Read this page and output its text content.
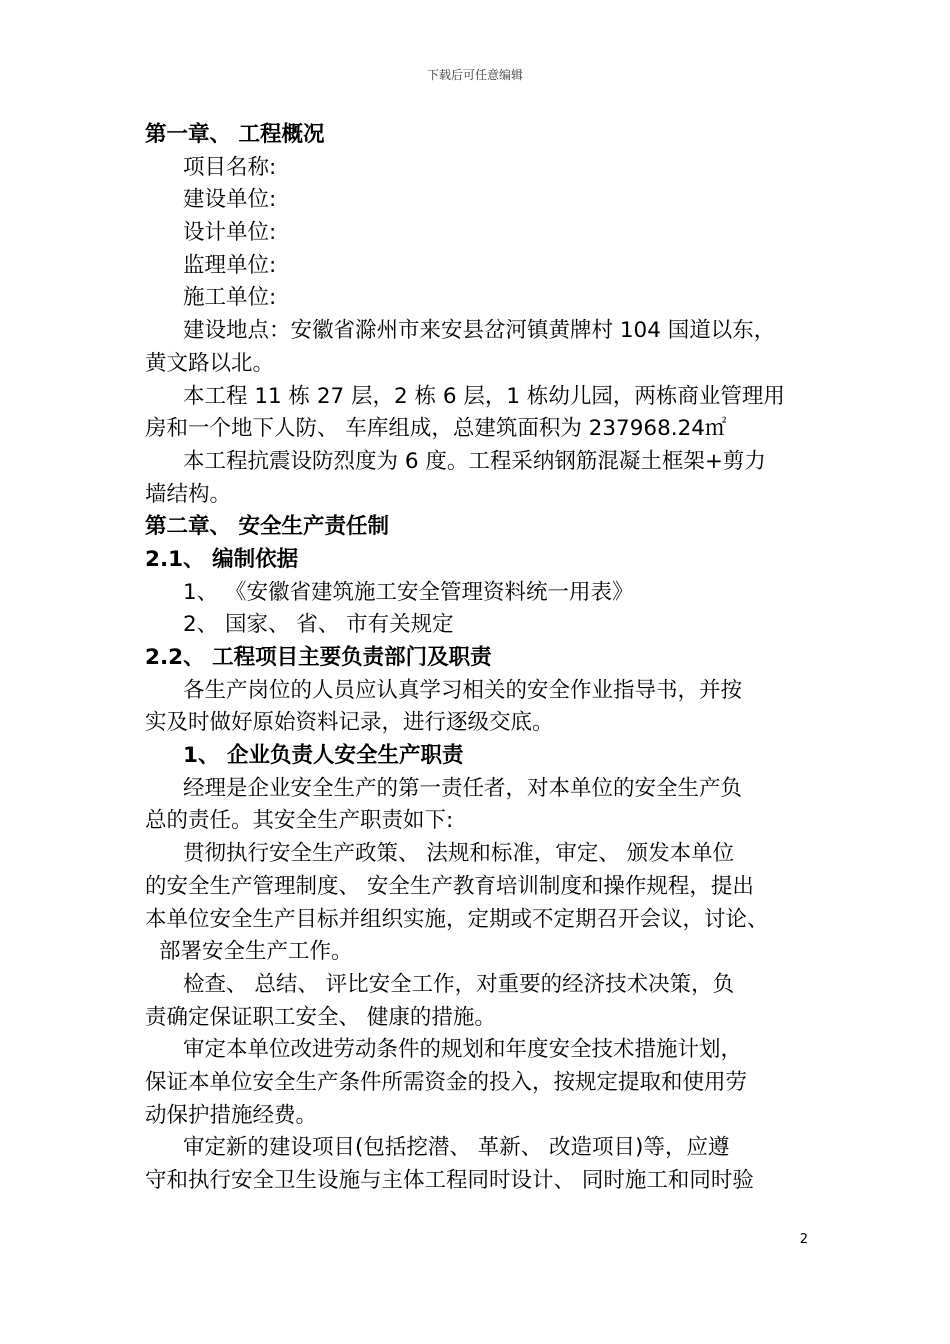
下载后可任意编辑
第一章、 工程概况
项目名称:
建设单位:
设计单位:
监理单位:
施工单位:
建设地点：安徽省滁州市来安县岔河镇黄牌村 104 国道以东，
黄文路以北。
本工程 11 栋 27 层，2 栋 6 层，1 栋幼儿园，两栋商业管理用
房和一个地下人防、 车库组成，总建筑面积为 237968.24㎡
本工程抗震设防烈度为 6 度。工程采纳钢筋混凝土框架+剪力
墙结构。
第二章、 安全生产责任制
2.1、 编制依据
1、 《安徽省建筑施工安全管理资料统一用表》
2、 国家、 省、 市有关规定
2.2、 工程项目主要负责部门及职责
各生产岗位的人员应认真学习相关的安全作业指导书，并按
实及时做好原始资料记录，进行逐级交底。
1、 企业负责人安全生产职责
经理是企业安全生产的第一责任者，对本单位的安全生产负
总的责任。其安全生产职责如下:
贯彻执行安全生产政策、 法规和标准，审定、 颁发本单位
的安全生产管理制度、 安全生产教育培训制度和操作规程，提出
本单位安全生产目标并组织实施，定期或不定期召开会议，讨论、
部署安全生产工作。
检查、 总结、 评比安全工作，对重要的经济技术决策，负
责确定保证职工安全、 健康的措施。
审定本单位改进劳动条件的规划和年度安全技术措施计划，
保证本单位安全生产条件所需资金的投入，按规定提取和使用劳
动保护措施经费。
审定新的建设项目(包括挖潜、 革新、 改造项目)等，应遵
守和执行安全卫生设施与主体工程同时设计、 同时施工和同时验
2
